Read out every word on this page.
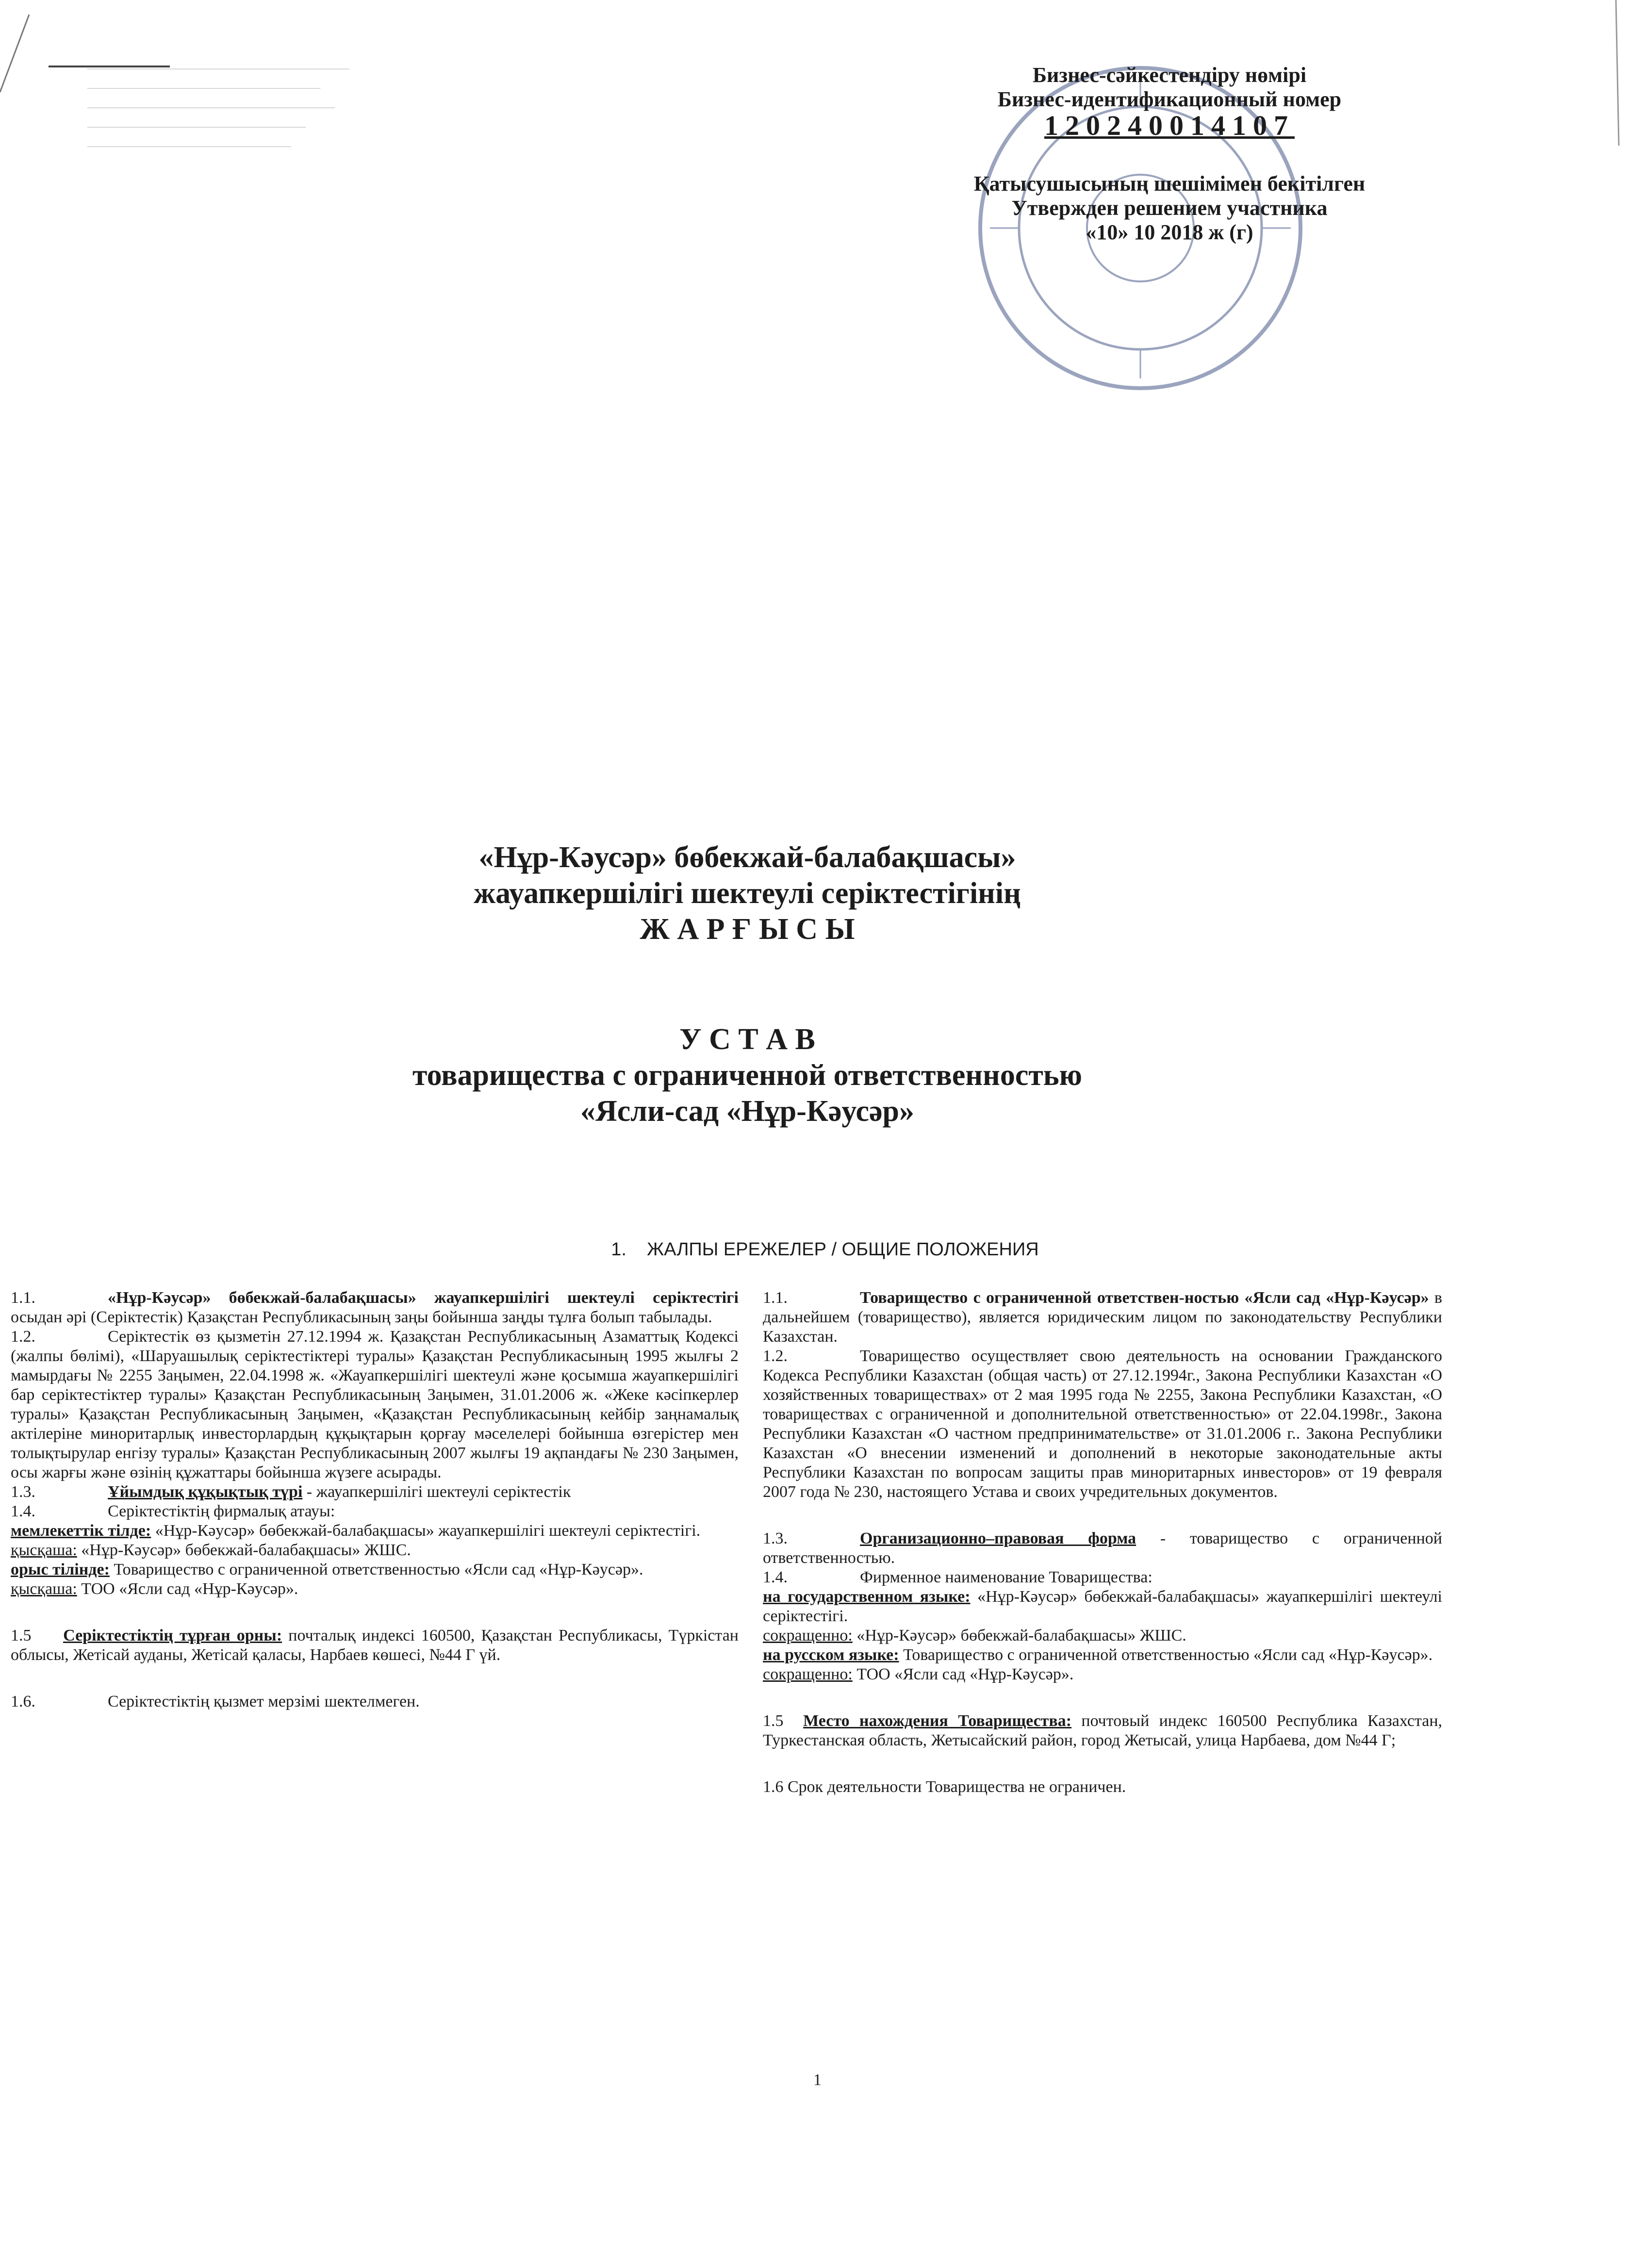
____________________________________

________________________________

__________________________________

______________________________

____________________________

Бизнес-сәйкестендіру нөмірі
Бизнес-идентификационный номер
120240014107
Қатысушысының шешімімен бекітілген
Утвержден решением участника
«10» 10 2018 ж (г)
«Нұр-Кәусәр» бөбекжай-балабақшасы»
жауапкершілігі шектеулі серіктестігінің
Ж А Р Ғ Ы С Ы
У С Т А В
товарищества с ограниченной ответственностью
«Ясли-сад «Нұр-Кәусәр»
1.    ЖАЛПЫ ЕРЕЖЕЛЕР / ОБЩИЕ ПОЛОЖЕНИЯ

1.1.	«Нұр-Кәусәр» бөбекжай-балабақшасы» жауапкершілігі шектеулі серіктестігі осыдан әрі (Серіктестік) Қазақстан Республикасының заңы бойынша заңды тұлға болып табылады.

1.2.	Серіктестік өз қызметін 27.12.1994 ж. Қазақстан Республикасының Азаматтық Кодексі (жалпы бөлімі), «Шаруашылық серіктестіктері туралы» Қазақстан Республикасының 1995 жылғы 2 мамырдағы № 2255 Заңымен, 22.04.1998 ж. «Жауапкершілігі шектеулі және қосымша жауапкершілігі бар серіктестіктер туралы» Қазақстан Республикасының Заңымен, 31.01.2006 ж. «Жеке кәсіпкерлер туралы» Қазақстан Республикасының Заңымен, «Қазақстан Республикасының кейбір заңнамалық актілеріне миноритарлық инвесторлардың құқықтарын қорғау мәселелері бойынша өзгерістер мен толықтырулар енгізу туралы» Қазақстан Республикасының 2007 жылғы 19 ақпандағы № 230 Заңымен, осы жарғы және өзінің құжаттары бойынша жүзеге асырады.

1.3.	Ұйымдық құқықтық түрі - жауапкершілігі шектеулі серіктестік

1.4.	Серіктестіктің фирмалық атауы:

мемлекеттік тілде: «Нұр-Кәусәр» бөбекжай-балабақшасы» жауапкершілігі шектеулі серіктестігі.

қысқаша: «Нұр-Кәусәр» бөбекжай-балабақшасы» ЖШС.

орыс тілінде: Товарищество с ограниченной ответственностью «Ясли сад «Нұр-Кәусәр».

қысқаша: ТОО «Ясли сад «Нұр-Кәусәр».

1.5 Серіктестіктің тұрған орны: почталық индексі 160500, Қазақстан Республикасы, Түркістан облысы, Жетісай ауданы, Жетісай қаласы, Нарбаев көшесі, №44 Г үй.

1.6.	Серіктестіктің қызмет мерзімі шектелмеген.

1.1.	Товарищество с ограниченной ответствен-ностью «Ясли сад «Нұр-Кәусәр» в дальнейшем (товарищество), является юридическим лицом по законодательству Республики Казахстан.

1.2.	Товарищество осуществляет свою деятельность на основании Гражданского Кодекса Республики Казахстан (общая часть) от 27.12.1994г., Закона Республики Казахстан «О хозяйственных товариществах» от 2 мая 1995 года № 2255, Закона Республики Казахстан, «О товариществах с ограниченной и дополнительной ответственностью» от 22.04.1998г., Закона Республики Казахстан «О частном предпринимательстве» от 31.01.2006 г.. Закона Республики Казахстан «О внесении изменений и дополнений в некоторые законодательные акты Республики Казахстан по вопросам защиты прав миноритарных инвесторов» от 19 февраля 2007 года № 230, настоящего Устава и своих учредительных документов.

1.3.	Организационно–правовая форма - товарищество с ограниченной ответственностью.

1.4.	Фирменное наименование Товарищества:

на государственном языке: «Нұр-Кәусәр» бөбекжай-балабақшасы» жауапкершілігі шектеулі серіктестігі.

сокращенно: «Нұр-Кәусәр» бөбекжай-балабақшасы» ЖШС.

на русском языке: Товарищество с ограниченной ответственностью «Ясли сад «Нұр-Кәусәр».

сокращенно: ТОО «Ясли сад «Нұр-Кәусәр».

1.5 Место нахождения Товарищества: почтовый индекс 160500 Республика Казахстан, Туркестанская область, Жетысайский район, город Жетысай, улица Нарбаева, дом №44 Г;

1.6 Срок деятельности Товарищества не ограничен.

1
